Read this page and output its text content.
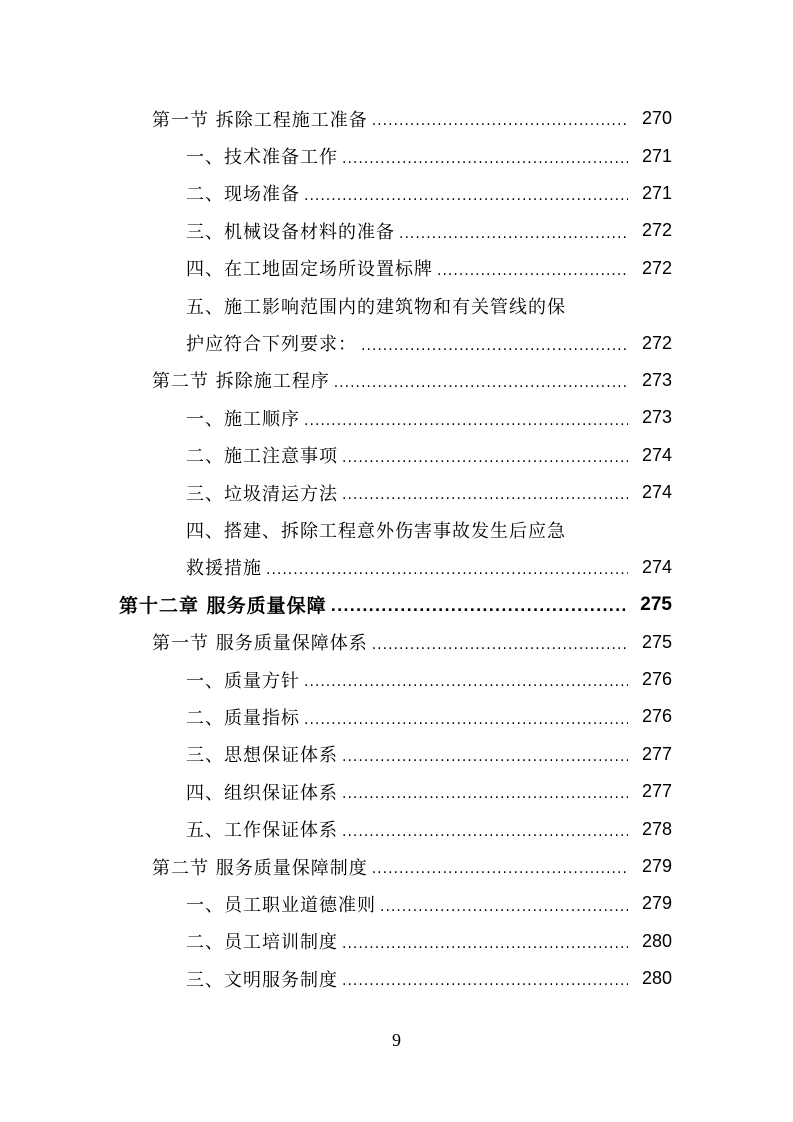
第一节 拆除工程施工准备 .....	270
一、技术准备工作 .....	271
二、现场准备 .....	271
三、机械设备材料的准备 .....	272
四、在工地固定场所设置标牌 .....	272
五、施工影响范围内的建筑物和有关管线的保
护应符合下列要求： .....	272
第二节 拆除施工程序 .....	273
一、施工顺序 .....	273
二、施工注意事项 .....	274
三、垃圾清运方法 .....	274
四、搭建、拆除工程意外伤害事故发生后应急
救援措施 .....	274
第十二章 服务质量保障 .....	275
第一节 服务质量保障体系 .....	275
一、质量方针 .....	276
二、质量指标 .....	276
三、思想保证体系 .....	277
四、组织保证体系 .....	277
五、工作保证体系 .....	278
第二节 服务质量保障制度 .....	279
一、员工职业道德准则 .....	279
二、员工培训制度 .....	280
三、文明服务制度 .....	280
9
